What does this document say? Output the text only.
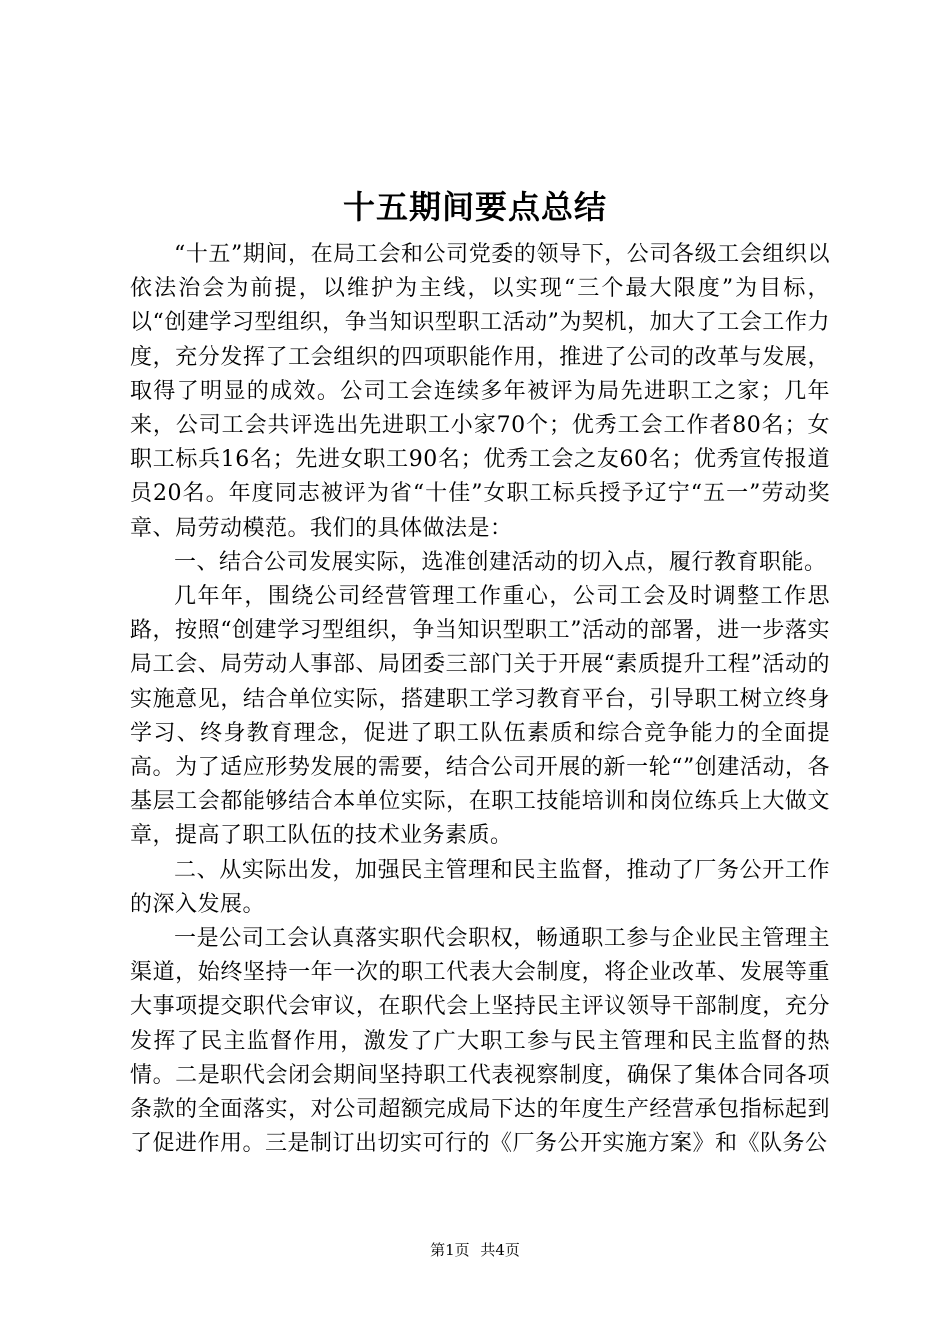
十五期间要点总结

“十五”期间，在局工会和公司党委的领导下，公司各级工会组织以依法治会为前提，以维护为主线，以实现“三个最大限度”为目标，以“创建学习型组织，争当知识型职工活动”为契机，加大了工会工作力度，充分发挥了工会组织的四项职能作用，推进了公司的改革与发展，取得了明显的成效。公司工会连续多年被评为局先进职工之家；几年来，公司工会共评选出先进职工小家70个；优秀工会工作者80名；女职工标兵16名；先进女职工90名；优秀工会之友60名；优秀宣传报道员20名。年度同志被评为省“十佳”女职工标兵授予辽宁“五一”劳动奖章、局劳动模范。我们的具体做法是：

一、结合公司发展实际，选准创建活动的切入点，履行教育职能。

几年年，围绕公司经营管理工作重心，公司工会及时调整工作思路，按照“创建学习型组织，争当知识型职工”活动的部署，进一步落实局工会、局劳动人事部、局团委三部门关于开展“素质提升工程”活动的实施意见，结合单位实际，搭建职工学习教育平台，引导职工树立终身学习、终身教育理念，促进了职工队伍素质和综合竞争能力的全面提高。为了适应形势发展的需要，结合公司开展的新一轮“”创建活动，各基层工会都能够结合本单位实际，在职工技能培训和岗位练兵上大做文章，提高了职工队伍的技术业务素质。

二、从实际出发，加强民主管理和民主监督，推动了厂务公开工作的深入发展。

一是公司工会认真落实职代会职权，畅通职工参与企业民主管理主渠道，始终坚持一年一次的职工代表大会制度，将企业改革、发展等重大事项提交职代会审议，在职代会上坚持民主评议领导干部制度，充分发挥了民主监督作用，激发了广大职工参与民主管理和民主监督的热情。二是职代会闭会期间坚持职工代表视察制度，确保了集体合同各项条款的全面落实，对公司超额完成局下达的年度生产经营承包指标起到了促进作用。三是制订出切实可行的《厂务公开实施方案》和《队务公

第1页 共4页
